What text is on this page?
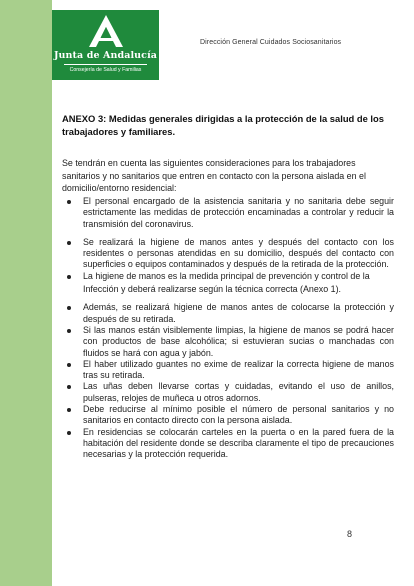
Junta de Andalucía
Consejería de Salud y Familias
Dirección General Cuidados Sociosanitarios
ANEXO 3: Medidas generales dirigidas a la protección de la salud de los trabajadores y familiares.
Se tendrán en cuenta las siguientes consideraciones para los trabajadores sanitarios y no sanitarios que entren en contacto con la persona aislada en el domicilio/entorno residencial:
El personal encargado de la asistencia sanitaria y no sanitaria debe seguir estrictamente las medidas de protección encaminadas a controlar y reducir la transmisión del coronavirus.
Se realizará la higiene de manos antes y después del contacto con los residentes o personas atendidas en su domicilio, después del contacto con superficies o equipos contaminados y después de la retirada de la protección.
La higiene de manos es la medida principal de prevención y control de la
Infección y deberá realizarse según la técnica correcta (Anexo 1).
Además, se realizará higiene de manos antes de colocarse la protección y después de su retirada.
Si las manos están visiblemente limpias, la higiene de manos se podrá hacer con productos de base alcohólica; si estuvieran sucias o manchadas con fluidos se hará con agua y jabón.
El haber utilizado guantes no exime de realizar la correcta higiene de manos tras su retirada.
Las uñas deben llevarse cortas y cuidadas, evitando el uso de anillos, pulseras, relojes de muñeca u otros adornos.
Debe reducirse al mínimo posible el número de personal sanitarios y no sanitarios en contacto directo con la persona aislada.
En residencias se colocarán carteles en la puerta o en la pared fuera de la habitación del residente donde se describa claramente el tipo de precauciones necesarias y la protección requerida.
8
